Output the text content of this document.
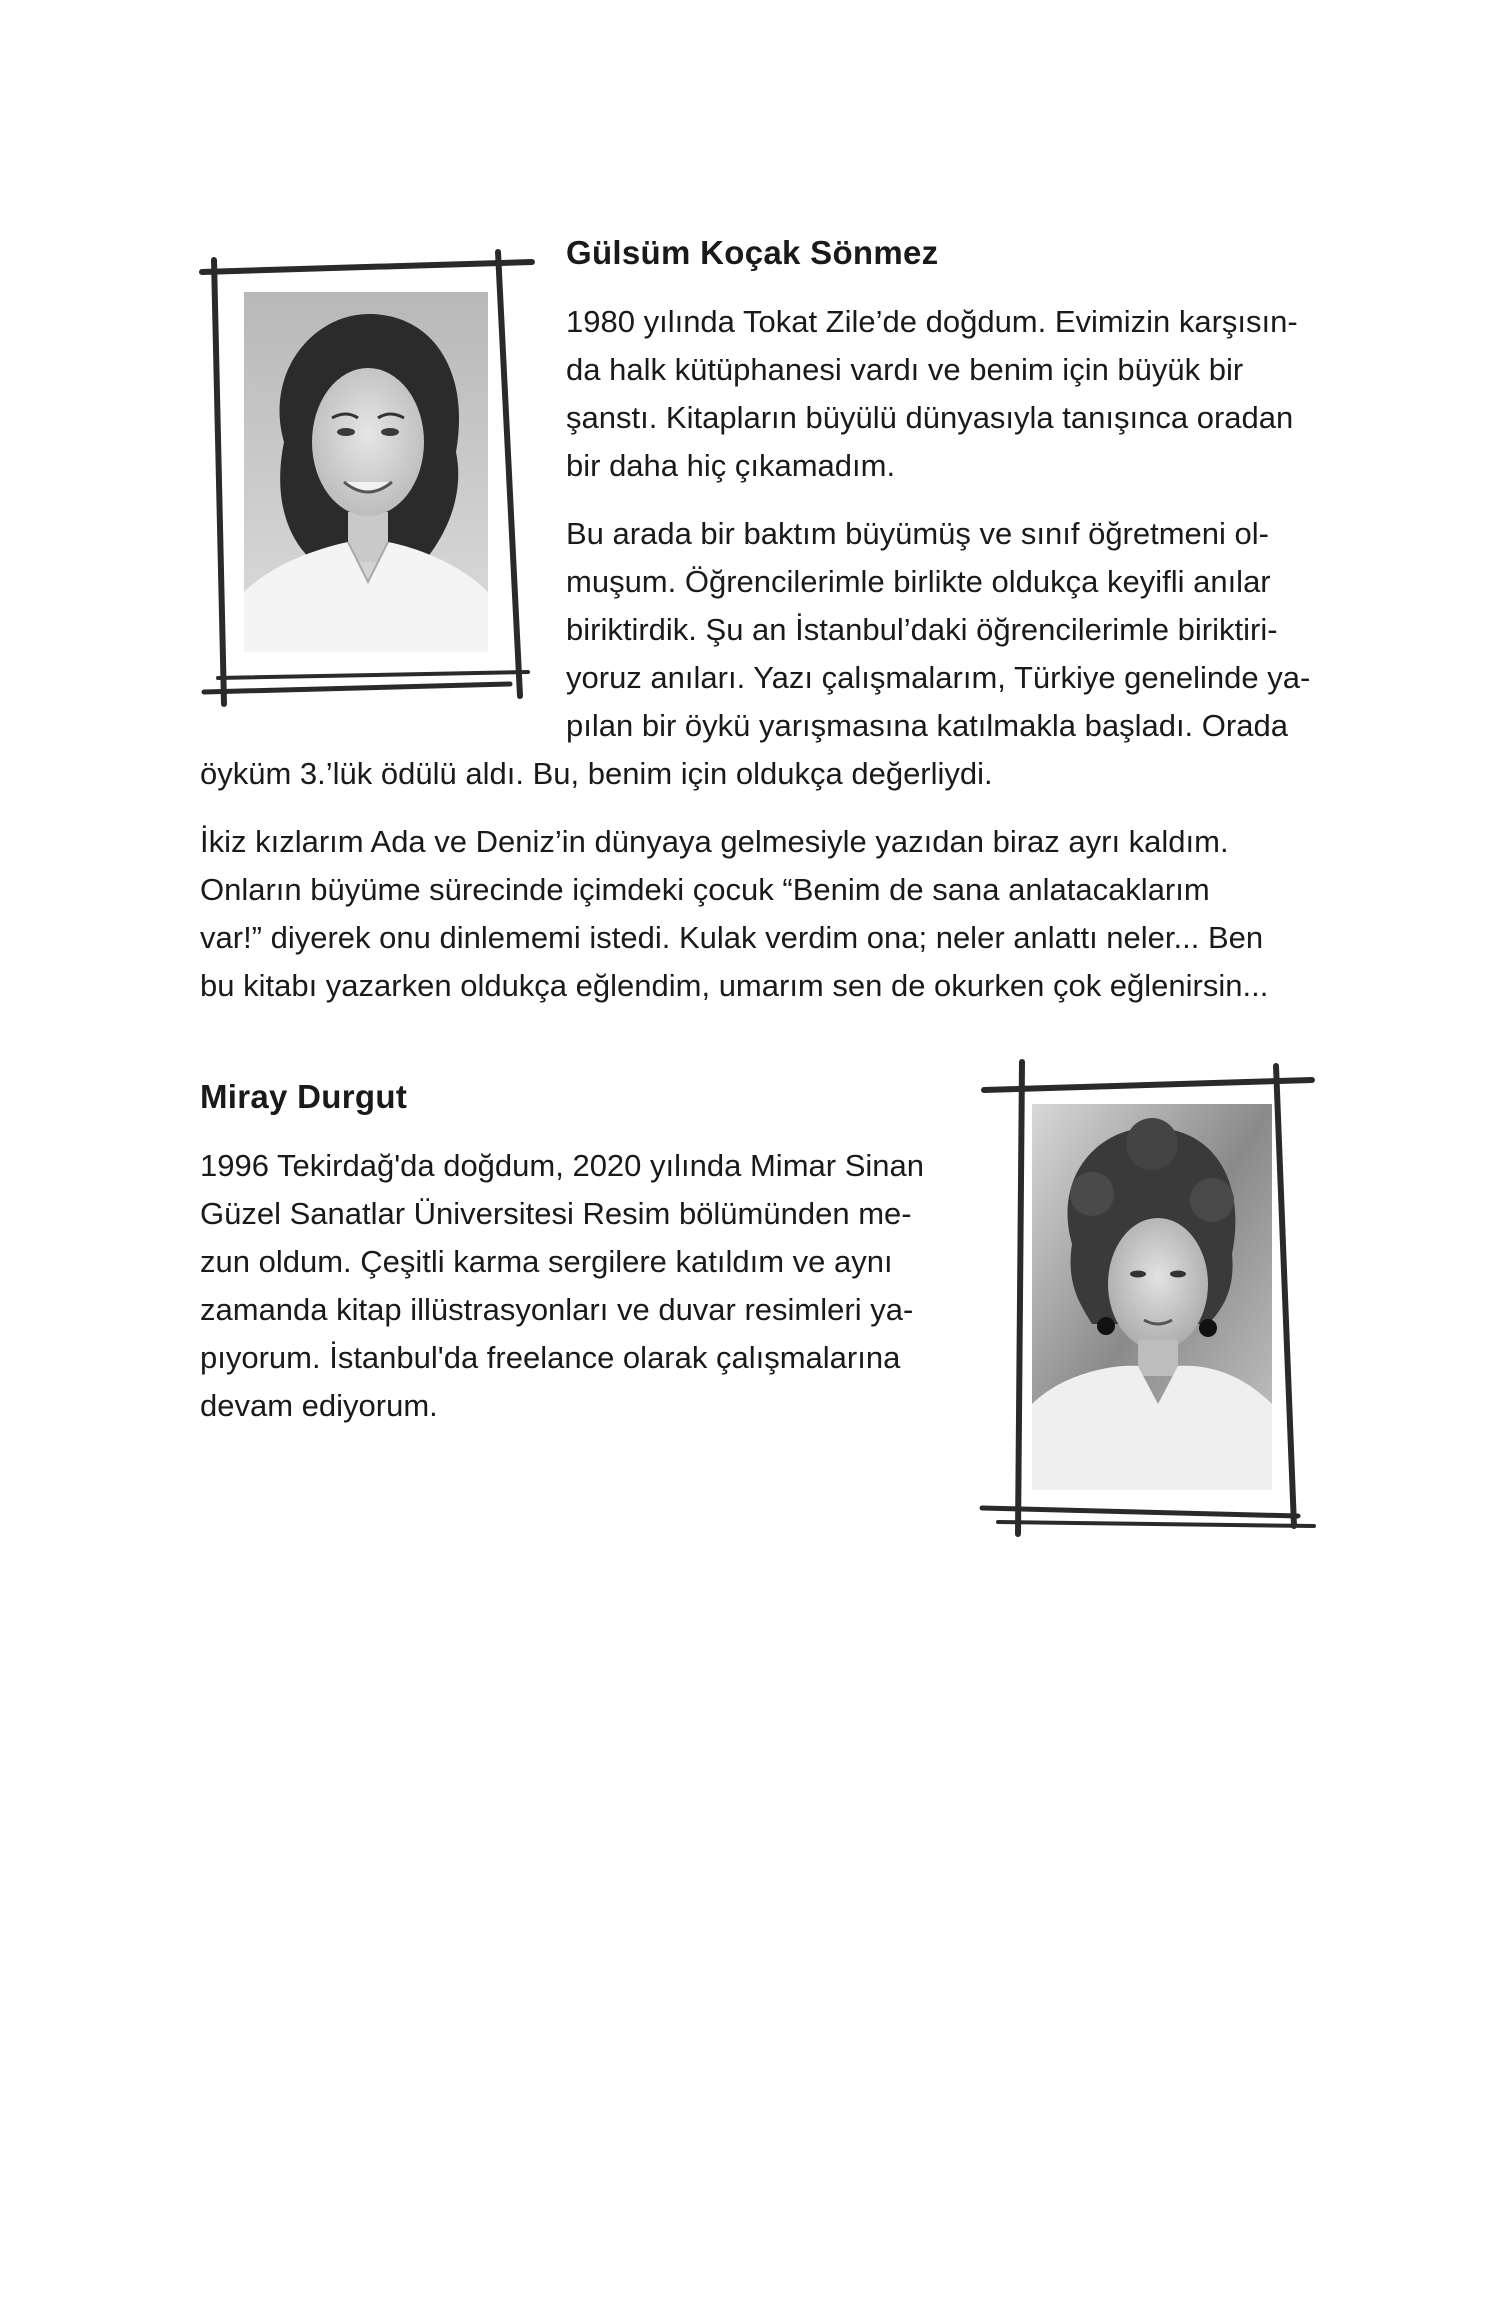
Gülsüm Koçak Sönmez

1980 yılında Tokat Zile’de doğdum. Evimizin karşısın-

da halk kütüphanesi vardı ve benim için büyük bir

şanstı. Kitapların büyülü dünyasıyla tanışınca oradan

bir daha hiç çıkamadım.

Bu arada bir baktım büyümüş ve sınıf öğretmeni ol-

muşum. Öğrencilerimle birlikte oldukça keyifli anılar

biriktirdik. Şu an İstanbul’daki öğrencilerimle biriktiri-

yoruz anıları. Yazı çalışmalarım, Türkiye genelinde ya-

pılan bir öykü yarışmasına katılmakla başladı. Orada

öyküm 3.’lük ödülü aldı. Bu, benim için oldukça değerliydi.

İkiz kızlarım Ada ve Deniz’in dünyaya gelmesiyle yazıdan biraz ayrı kaldım.

Onların büyüme sürecinde içimdeki çocuk “Benim de sana anlatacaklarım

var!” diyerek onu dinlememi istedi. Kulak verdim ona; neler anlattı neler... Ben

bu kitabı yazarken oldukça eğlendim, umarım sen de okurken çok eğlenirsin...

Miray Durgut

1996 Tekirdağ'da doğdum, 2020 yılında Mimar Sinan

Güzel Sanatlar Üniversitesi Resim bölümünden me-

zun oldum. Çeşitli karma sergilere katıldım ve aynı

zamanda kitap illüstrasyonları ve duvar resimleri ya-

pıyorum. İstanbul'da freelance olarak çalışmalarına

devam ediyorum.
